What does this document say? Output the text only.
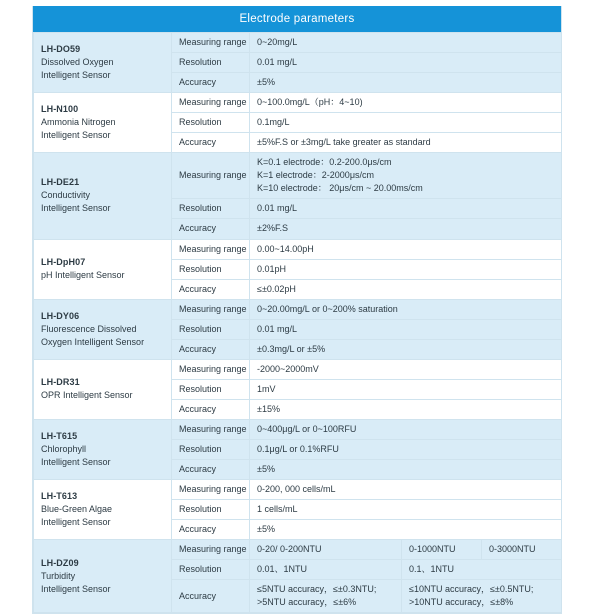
Electrode parameters
LH-DO59
Dissolved Oxygen
Intelligent Sensor	Measuring range	0~20mg/L		
	Resolution	0.01 mg/L		
	Accuracy	±5%		

LH-N100
Ammonia Nitrogen
Intelligent Sensor	Measuring range	0~100.0mg/L（pH：4~10)		
	Resolution	0.1mg/L		
	Accuracy	±5%F.S or ±3mg/L take greater as standard		

LH-DE21
Conductivity
Intelligent Sensor	Measuring range	K=0.1 electrode：0.2-200.0μs/cm
K=1 electrode：2-2000μs/cm
K=10 electrode： 20μs/cm ~ 20.00ms/cm		

	Resolution	0.01 mg/L		
	Accuracy	±2%F.S		

LH-DpH07
pH Intelligent Sensor	Measuring range	0.00~14.00pH		
	Resolution	0.01pH		
	Accuracy	≤±0.02pH		

LH-DY06
Fluorescence Dissolved
Oxygen Intelligent Sensor	Measuring range	0~20.00mg/L or 0~200% saturation		
	Resolution	0.01 mg/L		
	Accuracy	±0.3mg/L or ±5%		

LH-DR31
OPR Intelligent Sensor	Measuring range	-2000~2000mV		
	Resolution	1mV		
	Accuracy	±15%		

LH-T615
Chlorophyll
Intelligent Sensor	Measuring range	0~400μg/L or 0~100RFU		
	Resolution	0.1μg/L or 0.1%RFU		
	Accuracy	±5%		

LH-T613
Blue-Green Algae
Intelligent Sensor	Measuring range	0-200, 000 cells/mL		
	Resolution	1 cells/mL		
	Accuracy	±5%		

LH-DZ09
Turbidity
Intelligent Sensor	Measuring range	0-20/ 0-200NTU	0-1000NTU	0-3000NTU
	Resolution	0.01、1NTU	0.1、1NTU	
	Accuracy	≤5NTU accuracy，≤±0.3NTU;
>5NTU accuracy，≤±6%	≤10NTU accuracy，≤±0.5NTU;
>10NTU accuracy，≤±8%	
